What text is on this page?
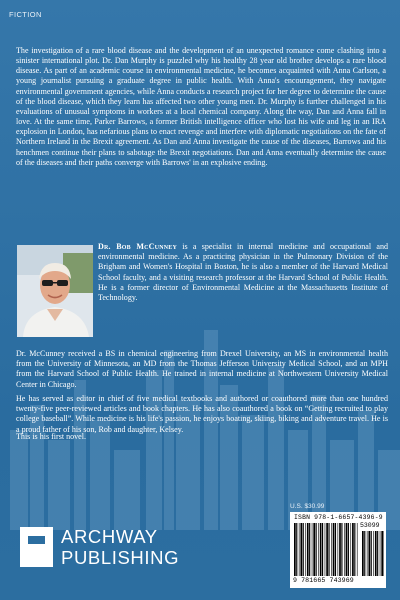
FICTION

The investigation of a rare blood disease and the development of an unexpected romance come clashing into a sinister international plot. Dr. Dan Murphy is puzzled why his healthy 28 year old brother develops a rare blood disease. As part of an academic course in environmental medicine, he becomes acquainted with Anna Carlson, a young journalist pursuing a graduate degree in public health. With Anna's encouragement, they navigate environmental government agencies, while Anna conducts a research project for her degree to determine the cause of the blood disease, which they learn has affected two other young men. Dr. Murphy is further challenged in his evaluations of unusual symptoms in workers at a local chemical company. Along the way, Dan and Anna fall in love. At the same time, Parker Barrows, a former British intelligence officer who lost his wife and leg in an IRA explosion in London, has nefarious plans to enact revenge and interfere with diplomatic negotiations on the fate of Northern Ireland in the Brexit agreement. As Dan and Anna investigate the cause of the diseases, Barrows and his henchmen continue their plans to sabotage the Brexit negotiations. Dan and Anna eventually determine the cause of the diseases and their paths converge with Barrows' in an explosive ending.

Dr. Bob McCunney is a specialist in internal medicine and occupational and environmental medicine. As a practicing physician in the Pulmonary Division of the Brigham and Women's Hospital in Boston, he is also a member of the Harvard Medical School faculty, and a visiting research professor at the Harvard School of Public Health. He is a former director of Environmental Medicine at the Massachusetts Institute of Technology.

Dr. McCunney received a BS in chemical engineering from Drexel University, an MS in environmental health from the University of Minnesota, an MD from the Thomas Jefferson University Medical School, and an MPH from the Harvard School of Public Health. He trained in internal medicine at Northwestern University Medical Center in Chicago.

He has served as editor in chief of five medical textbooks and authored or coauthored more than one hundred twenty-five peer-reviewed articles and book chapters. He has also coauthored a book on “Getting recruited to play college baseball”. While medicine is his life's passion, he enjoys boating, skiing, biking and adventure travel. He is a proud father of his son, Rob and daughter, Kelsey.

This is his first novel.

ARCHWAY
PUBLISHING
U.S. $30.99
ISBN 978-1-6657-4396-9
53099
9 781665 743969
